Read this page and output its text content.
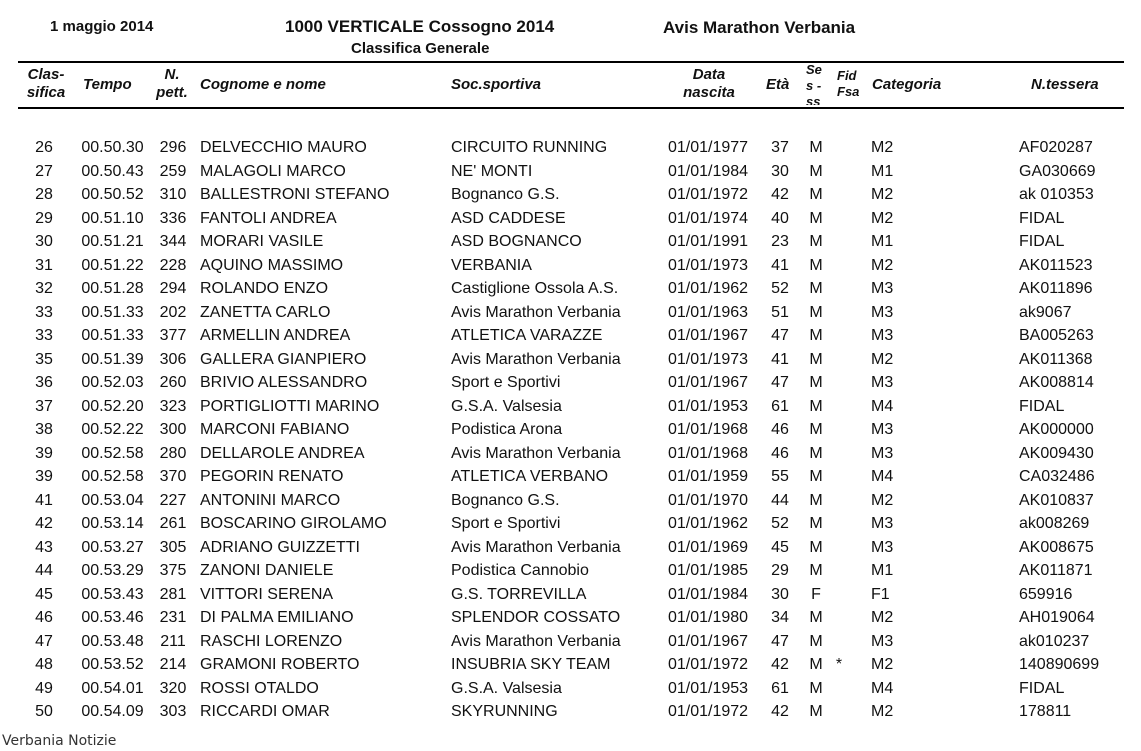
1 maggio 2014	1000 VERTICALE Cossogno 2014	Avis Marathon Verbania
Classifica Generale
Clas-
sifica	Tempo
N.
pett. Cognome e nome	Soc.sportiva
Data
nascita	Età
Se
s -
ss
Fid
Fsa Categoria	N.tessera
26	00.50.30	296 DELVECCHIO MAURO	CIRCUITO RUNNING	01/01/1977 37 M	M2	AF020287
27	00.50.43	259 MALAGOLI MARCO	NE' MONTI	01/01/1984 30 M	M1	GA030669
28	00.50.52	310 BALLESTRONI STEFANO	Bognanco G.S.	01/01/1972 42 M	M2	ak 010353
29	00.51.10	336 FANTOLI ANDREA	ASD CADDESE	01/01/1974 40 M	M2	FIDAL
30	00.51.21	344 MORARI VASILE	ASD BOGNANCO	01/01/1991 23 M	M1	FIDAL
31	00.51.22	228 AQUINO MASSIMO	VERBANIA	01/01/1973 41 M	M2	AK011523
32	00.51.28	294 ROLANDO ENZO	Castiglione Ossola A.S.	01/01/1962 52 M	M3	AK011896
33	00.51.33	202 ZANETTA CARLO	Avis Marathon Verbania	01/01/1963 51 M	M3	ak9067
33	00.51.33	377 ARMELLIN ANDREA	ATLETICA VARAZZE	01/01/1967 47 M	M3	BA005263
35	00.51.39	306 GALLERA GIANPIERO	Avis Marathon Verbania	01/01/1973 41 M	M2	AK011368
36	00.52.03	260 BRIVIO ALESSANDRO	Sport e Sportivi	01/01/1967 47 M	M3	AK008814
37	00.52.20	323 PORTIGLIOTTI MARINO	G.S.A. Valsesia	01/01/1953 61 M	M4	FIDAL
38	00.52.22	300 MARCONI FABIANO	Podistica Arona	01/01/1968 46 M	M3	AK000000
39	00.52.58	280 DELLAROLE ANDREA	Avis Marathon Verbania	01/01/1968 46 M	M3	AK009430
39	00.52.58	370 PEGORIN RENATO	ATLETICA VERBANO	01/01/1959 55 M	M4	CA032486
41	00.53.04	227 ANTONINI MARCO	Bognanco G.S.	01/01/1970 44 M	M2	AK010837
42	00.53.14	261 BOSCARINO GIROLAMO	Sport e Sportivi	01/01/1962 52 M	M3	ak008269
43	00.53.27	305 ADRIANO GUIZZETTI	Avis Marathon Verbania	01/01/1969 45 M	M3	AK008675
44	00.53.29	375 ZANONI DANIELE	Podistica Cannobio	01/01/1985 29 M	M1	AK011871
45	00.53.43	281 VITTORI SERENA	G.S. TORREVILLA	01/01/1984 30	F	F1	659916
46	00.53.46	231 DI PALMA EMILIANO	SPLENDOR COSSATO	01/01/1980 34 M	M2	AH019064
47	00.53.48	211 RASCHI LORENZO	Avis Marathon Verbania	01/01/1967 47 M	M3	ak010237
48	00.53.52	214 GRAMONI ROBERTO	INSUBRIA SKY TEAM	01/01/1972 42 M * M2	140890699
49	00.54.01	320 ROSSI OTALDO	G.S.A. Valsesia	01/01/1953 61 M	M4	FIDAL
50	00.54.09	303 RICCARDI OMAR	SKYRUNNING	01/01/1972 42 M	M2	178811
Verbania Notizie
